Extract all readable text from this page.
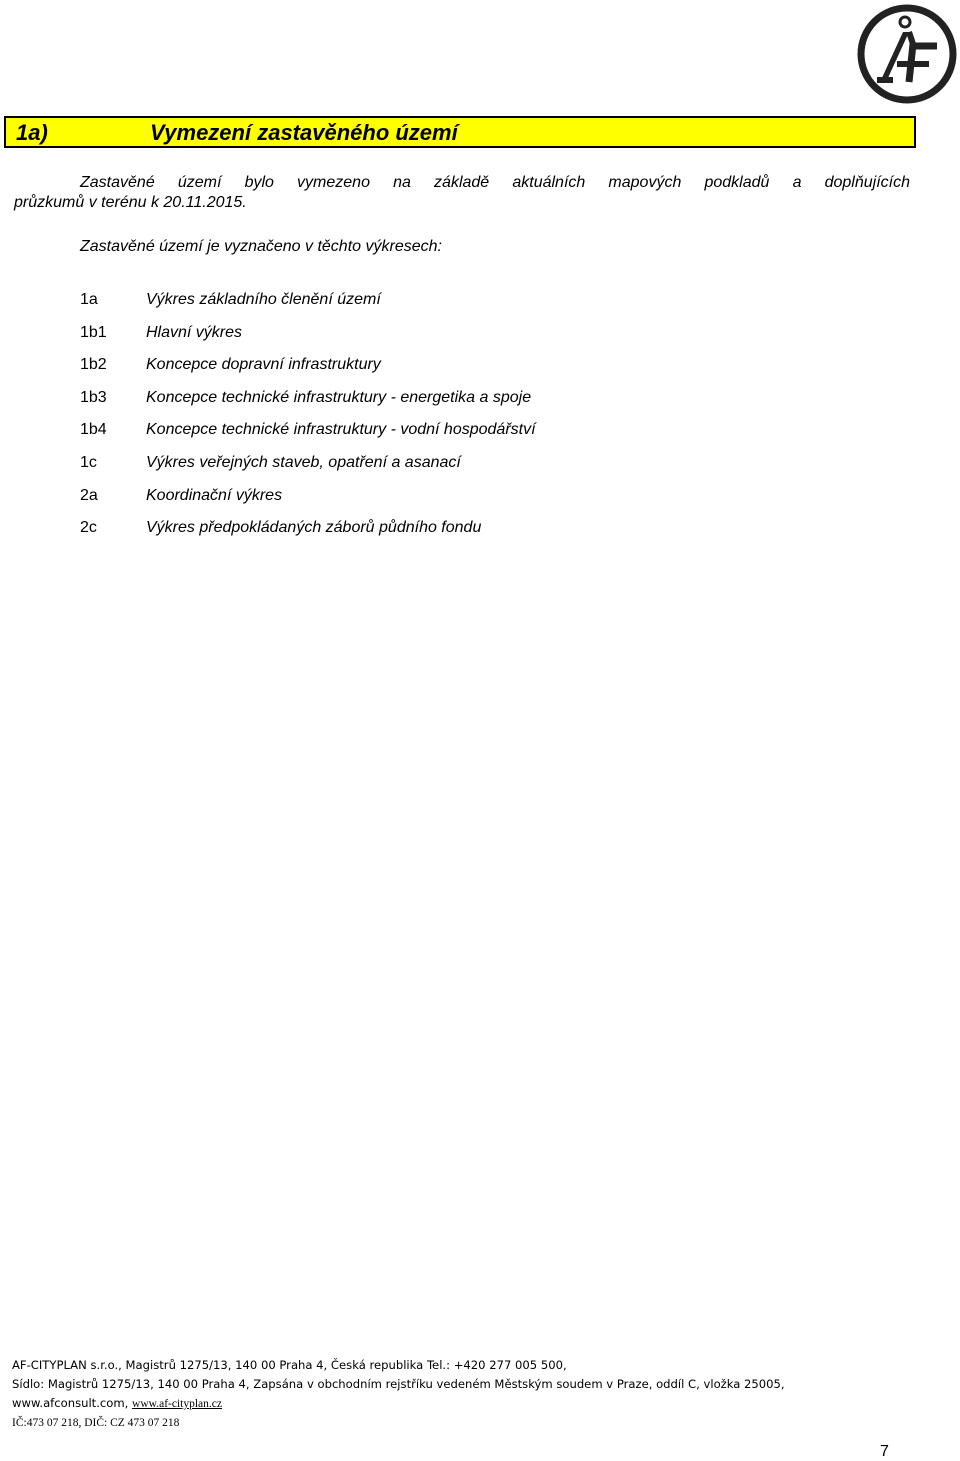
1a)	Vymezení zastavěného území
Zastavěné území bylo vymezeno na základě aktuálních mapových podkladů a doplňujících
průzkumů v terénu k 20.11.2015.
Zastavěné území je vyznačeno v těchto výkresech:
1a	Výkres základního členění území
1b1 Hlavní výkres
1b2 Koncepce dopravní infrastruktury
1b3 Koncepce technické infrastruktury - energetika a spoje
1b4 Koncepce technické infrastruktury - vodní hospodářství
1c	Výkres veřejných staveb, opatření a asanací
2a	Koordinační výkres
2c	Výkres předpokládaných záborů půdního fondu
AF-CITYPLAN s.r.o., Magistrů 1275/13, 140 00 Praha 4, Česká republika Tel.: +420 277 005 500,
Sídlo: Magistrů 1275/13, 140 00 Praha 4, Zapsána v obchodním rejstříku vedeném Městským soudem v Praze, oddíl C, vložka 25005,
www.afconsult.com, www.af-cityplan.cz
IČ:473 07 218, DIČ: CZ 473 07 218
7
